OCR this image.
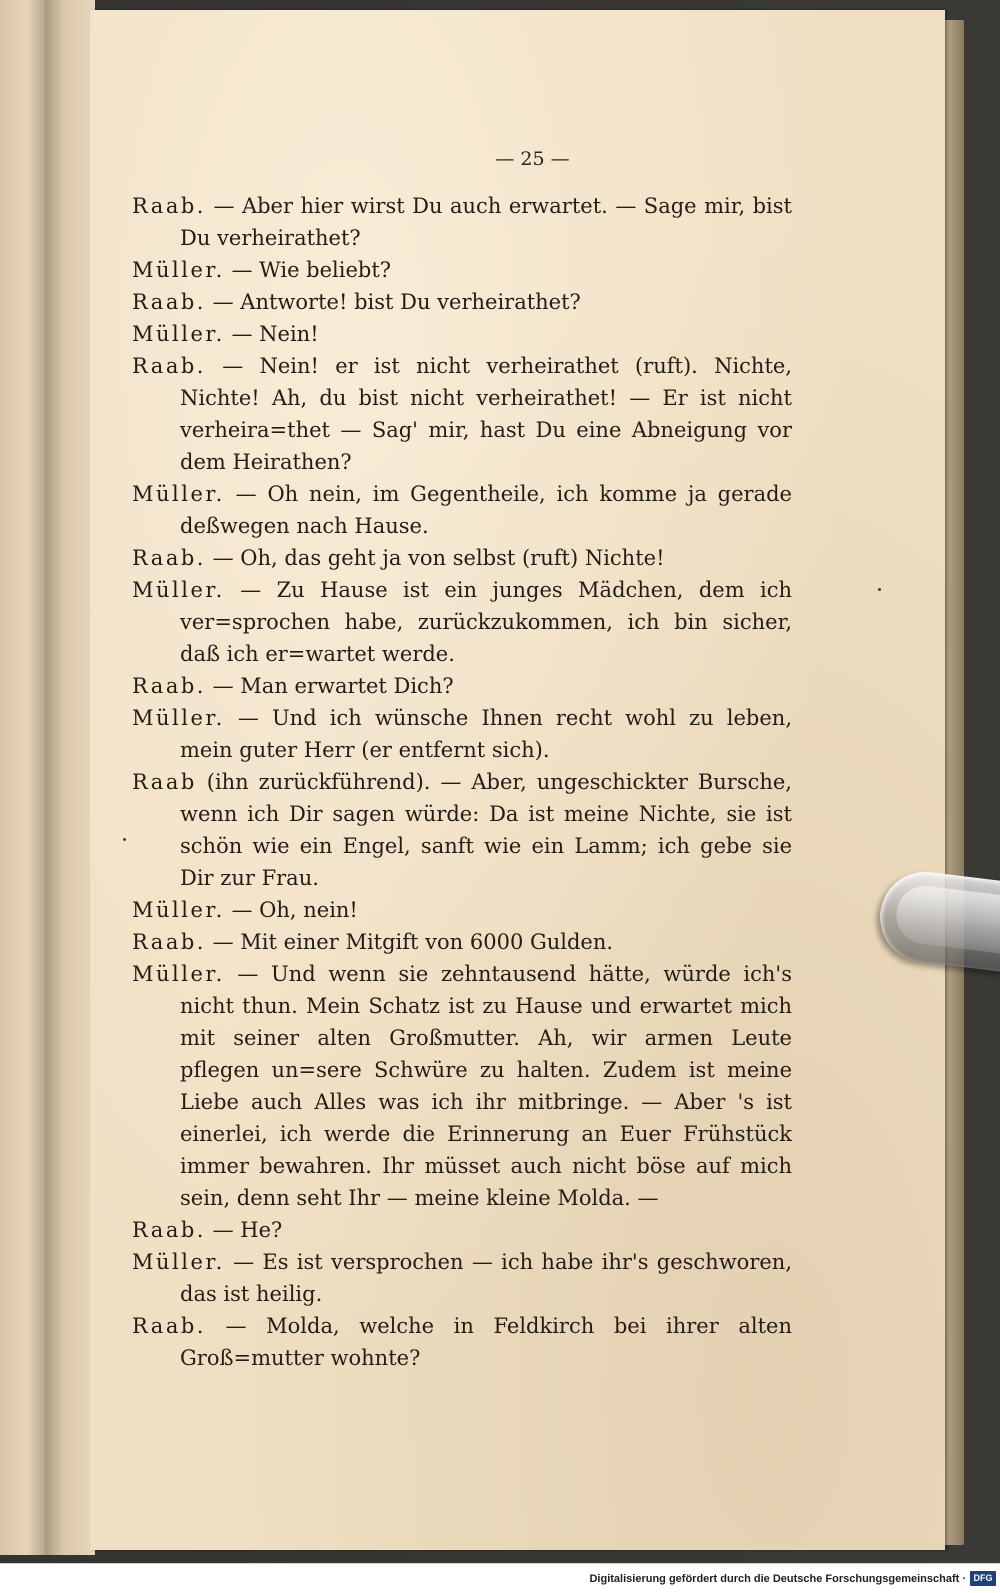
— 25 —

Raab. — Aber hier wirst Du auch erwartet. — Sage mir, bist Du verheirathet?

Müller. — Wie beliebt?

Raab. — Antworte! bist Du verheirathet?

Müller. — Nein!

Raab. — Nein! er ist nicht verheirathet (ruft). Nichte, Nichte! Ah, du bist nicht verheirathet! — Er ist nicht verheira=thet — Sag' mir, hast Du eine Abneigung vor dem Heirathen?

Müller. — Oh nein, im Gegentheile, ich komme ja gerade deßwegen nach Hause.

Raab. — Oh, das geht ja von selbst (ruft) Nichte!

Müller. — Zu Hause ist ein junges Mädchen, dem ich ver=sprochen habe, zurückzukommen, ich bin sicher, daß ich er=wartet werde.

Raab. — Man erwartet Dich?

Müller. — Und ich wünsche Ihnen recht wohl zu leben, mein guter Herr (er entfernt sich).

Raab (ihn zurückführend). — Aber, ungeschickter Bursche, wenn ich Dir sagen würde: Da ist meine Nichte, sie ist schön wie ein Engel, sanft wie ein Lamm; ich gebe sie Dir zur Frau.

Müller. — Oh, nein!

Raab. — Mit einer Mitgift von 6000 Gulden.

Müller. — Und wenn sie zehntausend hätte, würde ich's nicht thun. Mein Schatz ist zu Hause und erwartet mich mit seiner alten Großmutter. Ah, wir armen Leute pflegen un=sere Schwüre zu halten. Zudem ist meine Liebe auch Alles was ich ihr mitbringe. — Aber 's ist einerlei, ich werde die Erinnerung an Euer Frühstück immer bewahren. Ihr müsset auch nicht böse auf mich sein, denn seht Ihr — meine kleine Molda. —

Raab. — He?

Müller. — Es ist versprochen — ich habe ihr's geschworen, das ist heilig.

Raab. — Molda, welche in Feldkirch bei ihrer alten Groß=mutter wohnte?

Digitalisierung gefördert durch die Deutsche Forschungsgemeinschaft · DFG
